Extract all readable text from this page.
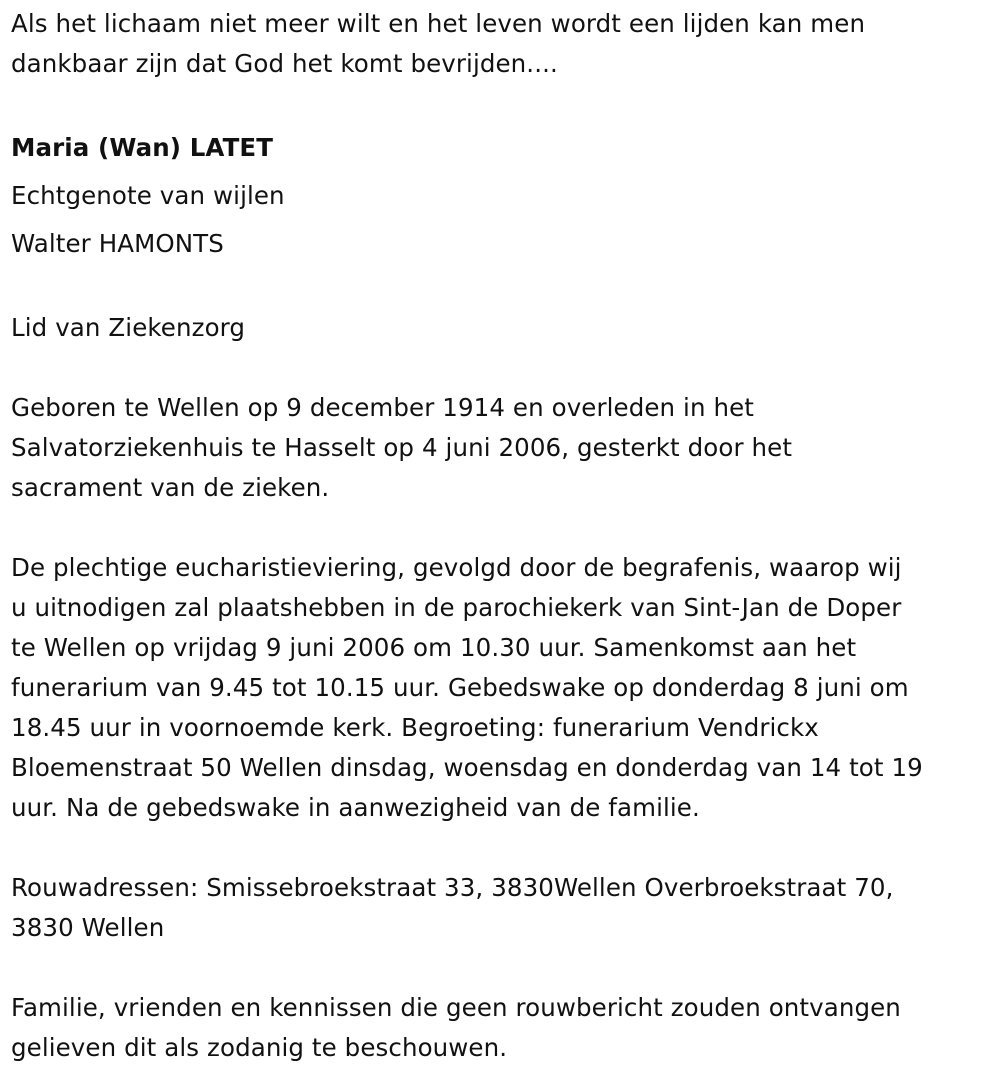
Als het lichaam niet meer wilt en het leven wordt een lijden kan men

dankbaar zijn dat God het komt bevrijden....

Maria (Wan) LATET

Echtgenote van wijlen

Walter HAMONTS

Lid van Ziekenzorg

Geboren te Wellen op 9 december 1914 en overleden in het

Salvatorziekenhuis te Hasselt op 4 juni 2006, gesterkt door het

sacrament van de zieken.

De plechtige eucharistieviering, gevolgd door de begrafenis, waarop wij

u uitnodigen zal plaatshebben in de parochiekerk van Sint-Jan de Doper

te Wellen op vrijdag 9 juni 2006 om 10.30 uur. Samenkomst aan het

funerarium van 9.45 tot 10.15 uur. Gebedswake op donderdag 8 juni om

18.45 uur in voornoemde kerk. Begroeting: funerarium Vendrickx

Bloemenstraat 50 Wellen dinsdag, woensdag en donderdag van 14 tot 19

uur. Na de gebedswake in aanwezigheid van de familie.

Rouwadressen: Smissebroekstraat 33, 3830Wellen Overbroekstraat 70,

3830 Wellen

Familie, vrienden en kennissen die geen rouwbericht zouden ontvangen

gelieven dit als zodanig te beschouwen.
